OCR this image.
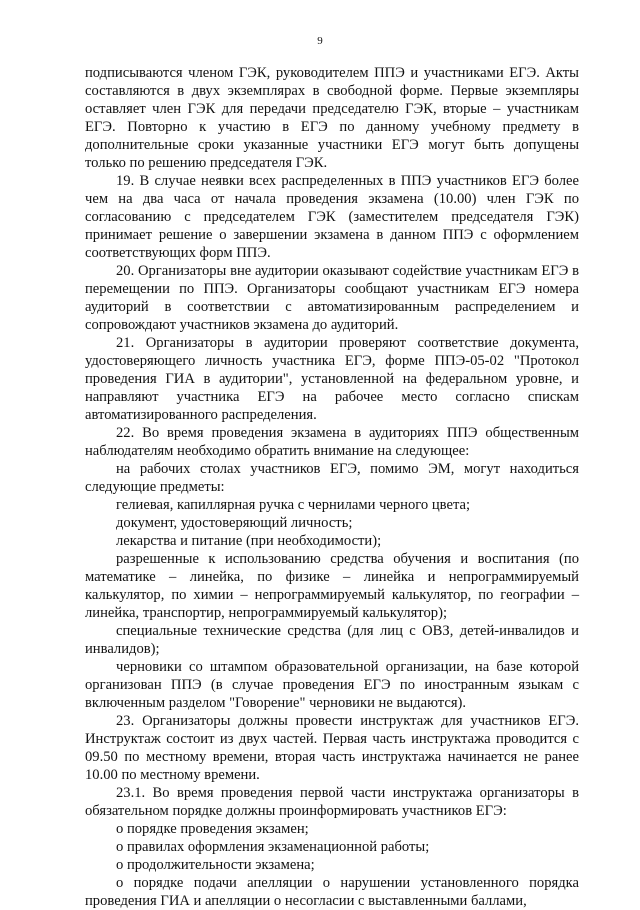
9

подписываются членом ГЭК, руководителем ППЭ и участниками ЕГЭ. Акты составляются в двух экземплярах в свободной форме. Первые экземпляры оставляет член ГЭК для передачи председателю ГЭК, вторые – участникам ЕГЭ. Повторно к участию в ЕГЭ по данному учебному предмету в дополнительные сроки указанные участники ЕГЭ могут быть допущены только по решению председателя ГЭК.

19. В случае неявки всех распределенных в ППЭ участников ЕГЭ более чем на два часа от начала проведения экзамена (10.00) член ГЭК по согласованию с председателем ГЭК (заместителем председателя ГЭК) принимает решение о завершении экзамена в данном ППЭ с оформлением соответствующих форм ППЭ.

20. Организаторы вне аудитории оказывают содействие участникам ЕГЭ в перемещении по ППЭ. Организаторы сообщают участникам ЕГЭ номера аудиторий в соответствии с автоматизированным распределением и сопровождают участников экзамена до аудиторий.

21. Организаторы в аудитории проверяют соответствие документа, удостоверяющего личность участника ЕГЭ, форме ППЭ-05-02 "Протокол проведения ГИА в аудитории", установленной на федеральном уровне, и направляют участника ЕГЭ на рабочее место согласно спискам автоматизированного распределения.

22. Во время проведения экзамена в аудиториях ППЭ общественным наблюдателям необходимо обратить внимание на следующее:

на рабочих столах участников ЕГЭ, помимо ЭМ, могут находиться следующие предметы:

гелиевая, капиллярная ручка с чернилами черного цвета;

документ, удостоверяющий личность;

лекарства и питание (при необходимости);

разрешенные к использованию средства обучения и воспитания (по математике – линейка, по физике – линейка и непрограммируемый калькулятор, по химии – непрограммируемый калькулятор, по географии – линейка, транспортир, непрограммируемый калькулятор);

специальные технические средства (для лиц с ОВЗ, детей-инвалидов и инвалидов);

черновики со штампом образовательной организации, на базе которой организован ППЭ (в случае проведения ЕГЭ по иностранным языкам с включенным разделом "Говорение" черновики не выдаются).

23. Организаторы должны провести инструктаж для участников ЕГЭ. Инструктаж состоит из двух частей. Первая часть инструктажа проводится с 09.50 по местному времени, вторая часть инструктажа начинается не ранее 10.00 по местному времени.

23.1. Во время проведения первой части инструктажа организаторы в обязательном порядке должны проинформировать участников ЕГЭ:

о порядке проведения экзамен;

о правилах оформления экзаменационной работы;

о продолжительности экзамена;

о порядке подачи апелляции о нарушении установленного порядка проведения ГИА и апелляции о несогласии с выставленными баллами,
